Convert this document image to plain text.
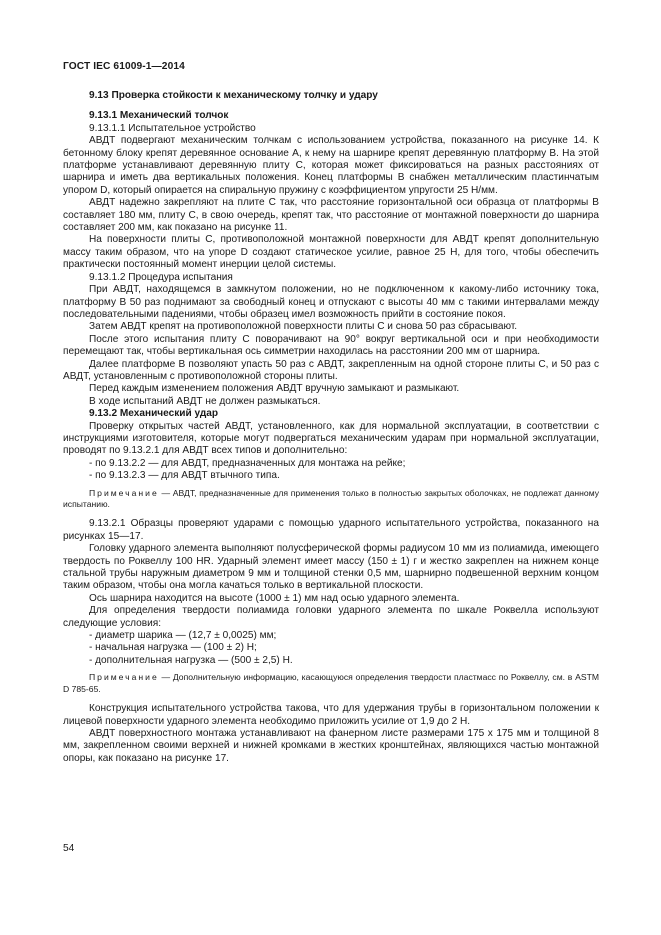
ГОСТ IEC 61009-1—2014

9.13 Проверка стойкости к механическому толчку и удару

9.13.1 Механический толчок

9.13.1.1 Испытательное устройство

АВДТ подвергают механическим толчкам с использованием устройства, показанного на рисунке 14. К бетонному блоку крепят деревянное основание A, к нему на шарнире крепят деревянную платформу B. На этой платформе устанавливают деревянную плиту C, которая может фиксироваться на разных расстояниях от шарнира и иметь два вертикальных положения. Конец платформы B снабжен металлическим пластинчатым упором D, который опирается на спиральную пружину с коэффициентом упругости 25 Н/мм.

АВДТ надежно закрепляют на плите C так, что расстояние горизонтальной оси образца от платформы B составляет 180 мм, плиту C, в свою очередь, крепят так, что расстояние от монтажной поверхности до шарнира составляет 200 мм, как показано на рисунке 11.

На поверхности плиты C, противоположной монтажной поверхности для АВДТ крепят дополнительную массу таким образом, что на упоре D создают статическое усилие, равное 25 Н, для того, чтобы обеспечить практически постоянный момент инерции целой системы.

9.13.1.2 Процедура испытания

При АВДТ, находящемся в замкнутом положении, но не подключенном к какому-либо источнику тока, платформу B 50 раз поднимают за свободный конец и отпускают с высоты 40 мм с такими интервалами между последовательными падениями, чтобы образец имел возможность прийти в состояние покоя.

Затем АВДТ крепят на противоположной поверхности плиты C и снова 50 раз сбрасывают.

После этого испытания плиту C поворачивают на 90° вокруг вертикальной оси и при необходимости перемещают так, чтобы вертикальная ось симметрии находилась на расстоянии 200 мм от шарнира.

Далее платформе B позволяют упасть 50 раз с АВДТ, закрепленным на одной стороне плиты C, и 50 раз с АВДТ, установленным с противоположной стороны плиты.

Перед каждым изменением положения АВДТ вручную замыкают и размыкают.

В ходе испытаний АВДТ не должен размыкаться.

9.13.2 Механический удар

Проверку открытых частей АВДТ, установленного, как для нормальной эксплуатации, в соответствии с инструкциями изготовителя, которые могут подвергаться механическим ударам при нормальной эксплуатации, проводят по 9.13.2.1 для АВДТ всех типов и дополнительно:

- по 9.13.2.2 — для АВДТ, предназначенных для монтажа на рейке;

- по 9.13.2.3 — для АВДТ втычного типа.

Примечание — АВДТ, предназначенные для применения только в полностью закрытых оболочках, не подлежат данному испытанию.

9.13.2.1 Образцы проверяют ударами с помощью ударного испытательного устройства, показанного на рисунках 15—17.

Головку ударного элемента выполняют полусферической формы радиусом 10 мм из полиамида, имеющего твердость по Роквеллу 100 HR. Ударный элемент имеет массу (150 ± 1) г и жестко закреплен на нижнем конце стальной трубы наружным диаметром 9 мм и толщиной стенки 0,5 мм, шарнирно подвешенной верхним концом таким образом, чтобы она могла качаться только в вертикальной плоскости.

Ось шарнира находится на высоте (1000 ± 1) мм над осью ударного элемента.

Для определения твердости полиамида головки ударного элемента по шкале Роквелла используют следующие условия:

- диаметр шарика — (12,7 ± 0,0025) мм;

- начальная нагрузка — (100 ± 2) Н;

- дополнительная нагрузка — (500 ± 2,5) Н.

Примечание — Дополнительную информацию, касающуюся определения твердости пластмасс по Роквеллу, см. в ASTM D 785-65.

Конструкция испытательного устройства такова, что для удержания трубы в горизонтальном положении к лицевой поверхности ударного элемента необходимо приложить усилие от 1,9 до 2 Н.

АВДТ поверхностного монтажа устанавливают на фанерном листе размерами 175 х 175 мм и толщиной 8 мм, закрепленном своими верхней и нижней кромками в жестких кронштейнах, являющихся частью монтажной опоры, как показано на рисунке 17.

54
